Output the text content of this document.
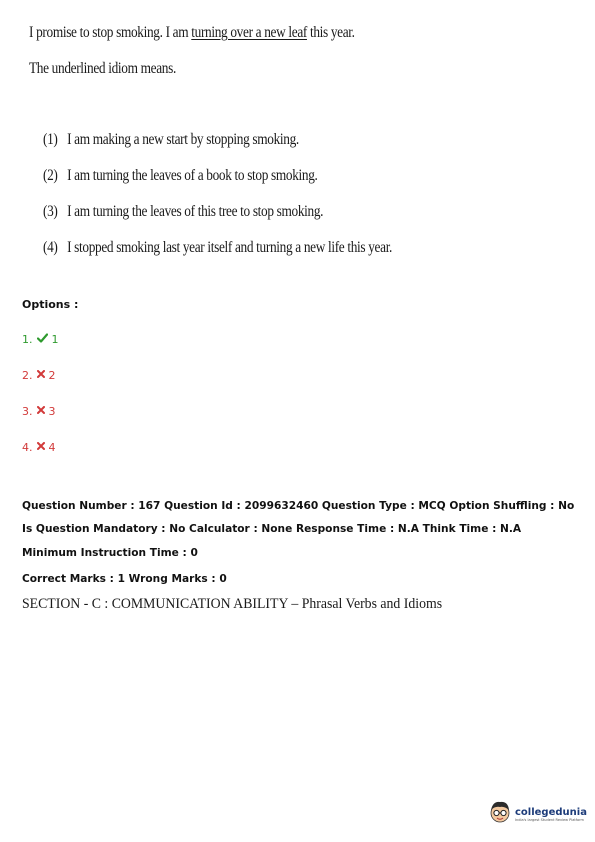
I promise to stop smoking. I am turning over a new leaf this year.
The underlined idiom means.
(1) I am making a new start by stopping smoking.
(2) I am turning the leaves of a book to stop smoking.
(3) I am turning the leaves of this tree to stop smoking.
(4) I stopped smoking last year itself and turning a new life this year.
Options :
1. 1
2. 2
3. 3
4. 4
Question Number : 167 Question Id : 2099632460 Question Type : MCQ Option Shuffling : No
Is Question Mandatory : No Calculator : None Response Time : N.A Think Time : N.A
Minimum Instruction Time : 0
Correct Marks : 1 Wrong Marks : 0
SECTION - C : COMMUNICATION ABILITY – Phrasal Verbs and Idioms
collegedunia
India's largest Student Review Platform
